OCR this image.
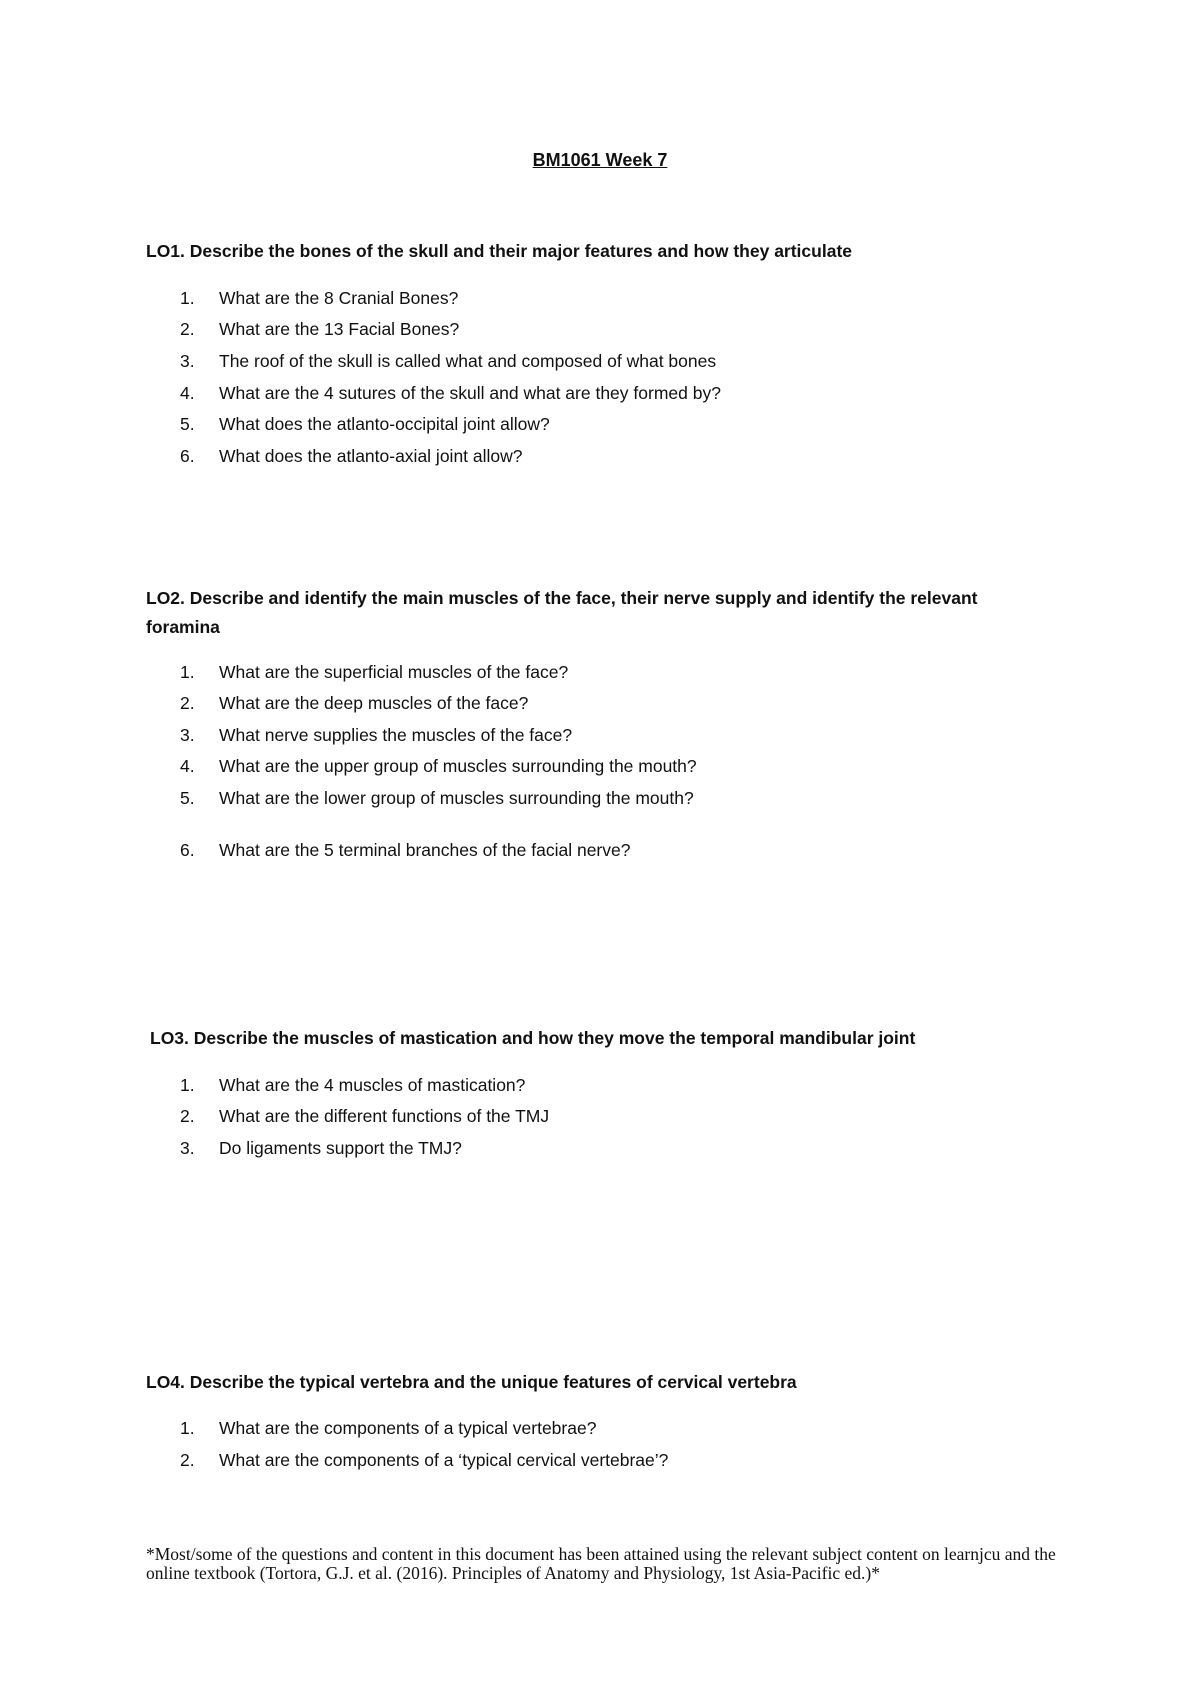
BM1061 Week 7
LO1. Describe the bones of the skull and their major features and how they articulate
1. What are the 8 Cranial Bones?
2. What are the 13 Facial Bones?
3. The roof of the skull is called what and composed of what bones
4. What are the 4 sutures of the skull and what are they formed by?
5. What does the atlanto-occipital joint allow?
6. What does the atlanto-axial joint allow?
LO2. Describe and identify the main muscles of the face, their nerve supply and identify the relevant foramina
1. What are the superficial muscles of the face?
2. What are the deep muscles of the face?
3. What nerve supplies the muscles of the face?
4. What are the upper group of muscles surrounding the mouth?
5. What are the lower group of muscles surrounding the mouth?
6. What are the 5 terminal branches of the facial nerve?
LO3. Describe the muscles of mastication and how they move the temporal mandibular joint
1. What are the 4 muscles of mastication?
2. What are the different functions of the TMJ
3. Do ligaments support the TMJ?
LO4. Describe the typical vertebra and the unique features of cervical vertebra
1. What are the components of a typical vertebrae?
2. What are the components of a ‘typical cervical vertebrae’?
*Most/some of the questions and content in this document has been attained using the relevant subject content on learnjcu and the online textbook (Tortora, G.J. et al. (2016). Principles of Anatomy and Physiology, 1st Asia-Pacific ed.)*
